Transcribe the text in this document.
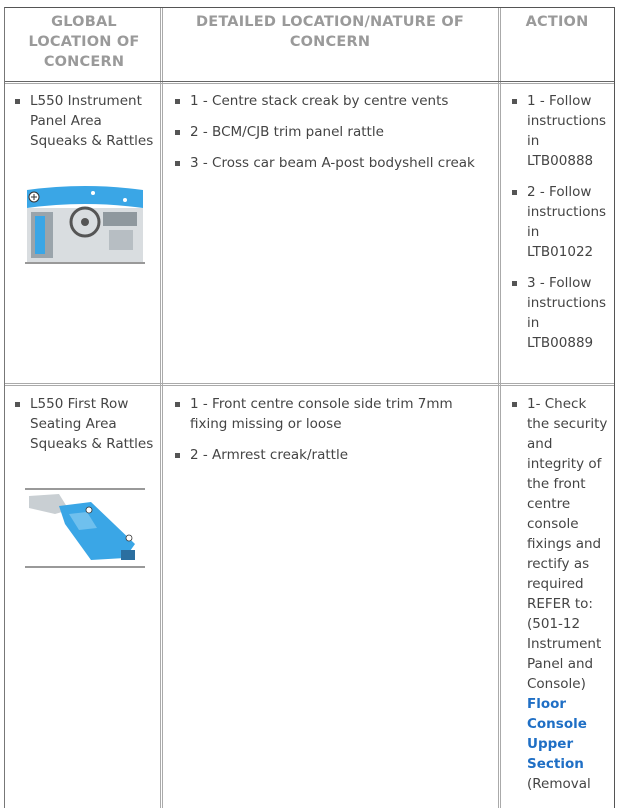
GLOBAL LOCATION OF CONCERN
DETAILED LOCATION/NATURE OF CONCERN
ACTION
L550 Instrument Panel Area Squeaks & Rattles
1 - Centre stack creak by centre vents
2 - BCM/CJB trim panel rattle
3 - Cross car beam A-post bodyshell creak
1 - Follow instructions in LTB00888
2 - Follow instructions in LTB01022
3 - Follow instructions in LTB00889
L550 First Row Seating Area Squeaks & Rattles
1 - Front centre console side trim 7mm fixing missing or loose
2 - Armrest creak/rattle
1- Check the security and integrity of the front centre console fixings and rectify as required REFER to: (501-12 Instrument Panel and Console) Floor Console Upper Section (Removal
